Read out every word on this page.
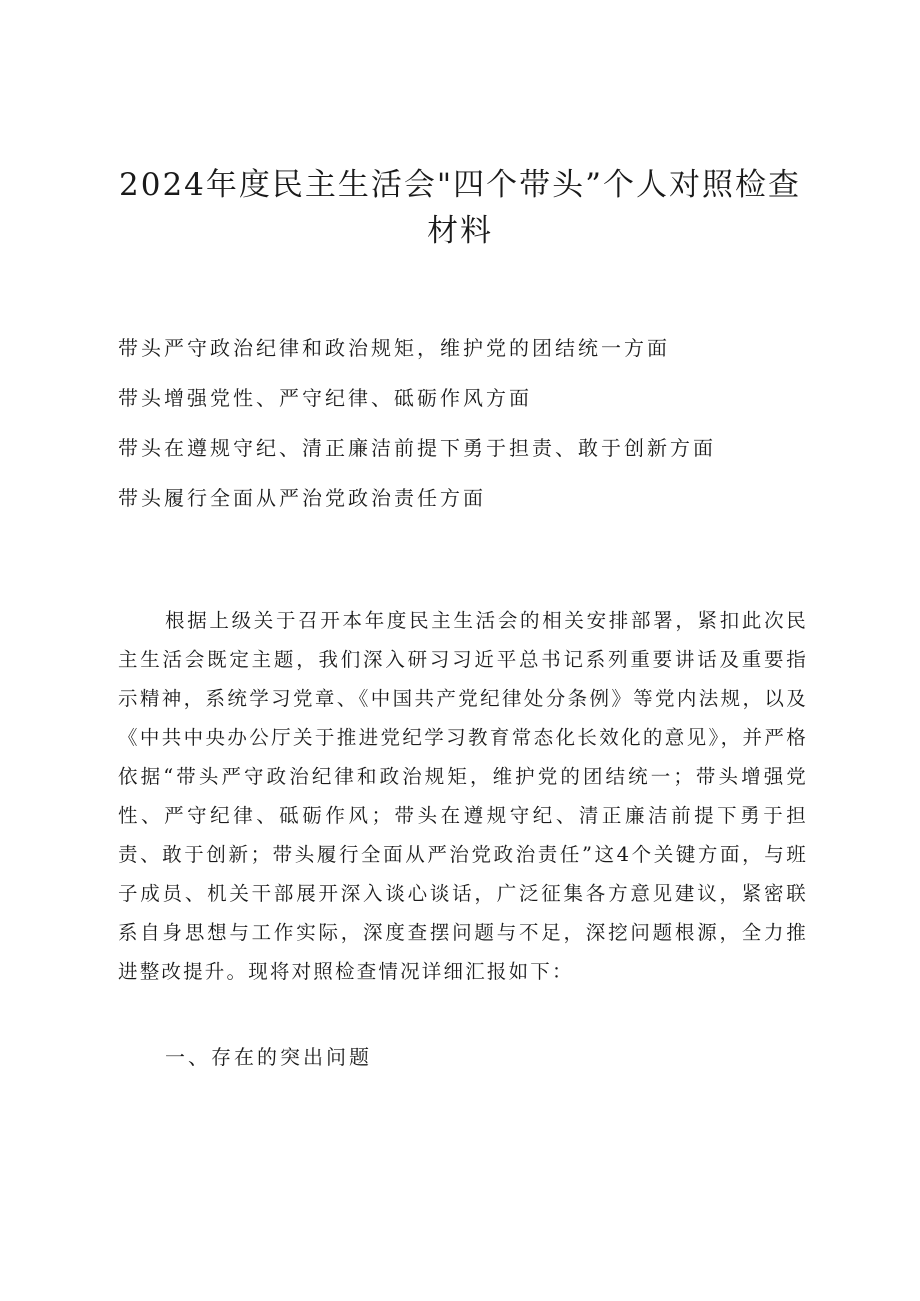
2024年度民主生活会"四个带头”个人对照检查
材料
带头严守政治纪律和政治规矩，维护党的团结统一方面
带头增强党性、严守纪律、砥砺作风方面
带头在遵规守纪、清正廉洁前提下勇于担责、敢于创新方面
带头履行全面从严治党政治责任方面

根据上级关于召开本年度民主生活会的相关安排部署，紧扣此次民主生活会既定主题，我们深入研习习近平总书记系列重要讲话及重要指示精神，系统学习党章、《中国共产党纪律处分条例》等党内法规，以及《中共中央办公厅关于推进党纪学习教育常态化长效化的意见》，并严格依据“带头严守政治纪律和政治规矩，维护党的团结统一；带头增强党性、严守纪律、砥砺作风；带头在遵规守纪、清正廉洁前提下勇于担责、敢于创新；带头履行全面从严治党政治责任”这4个关键方面，与班子成员、机关干部展开深入谈心谈话，广泛征集各方意见建议，紧密联系自身思想与工作实际，深度查摆问题与不足，深挖问题根源，全力推进整改提升。现将对照检查情况详细汇报如下：

一、存在的突出问题
